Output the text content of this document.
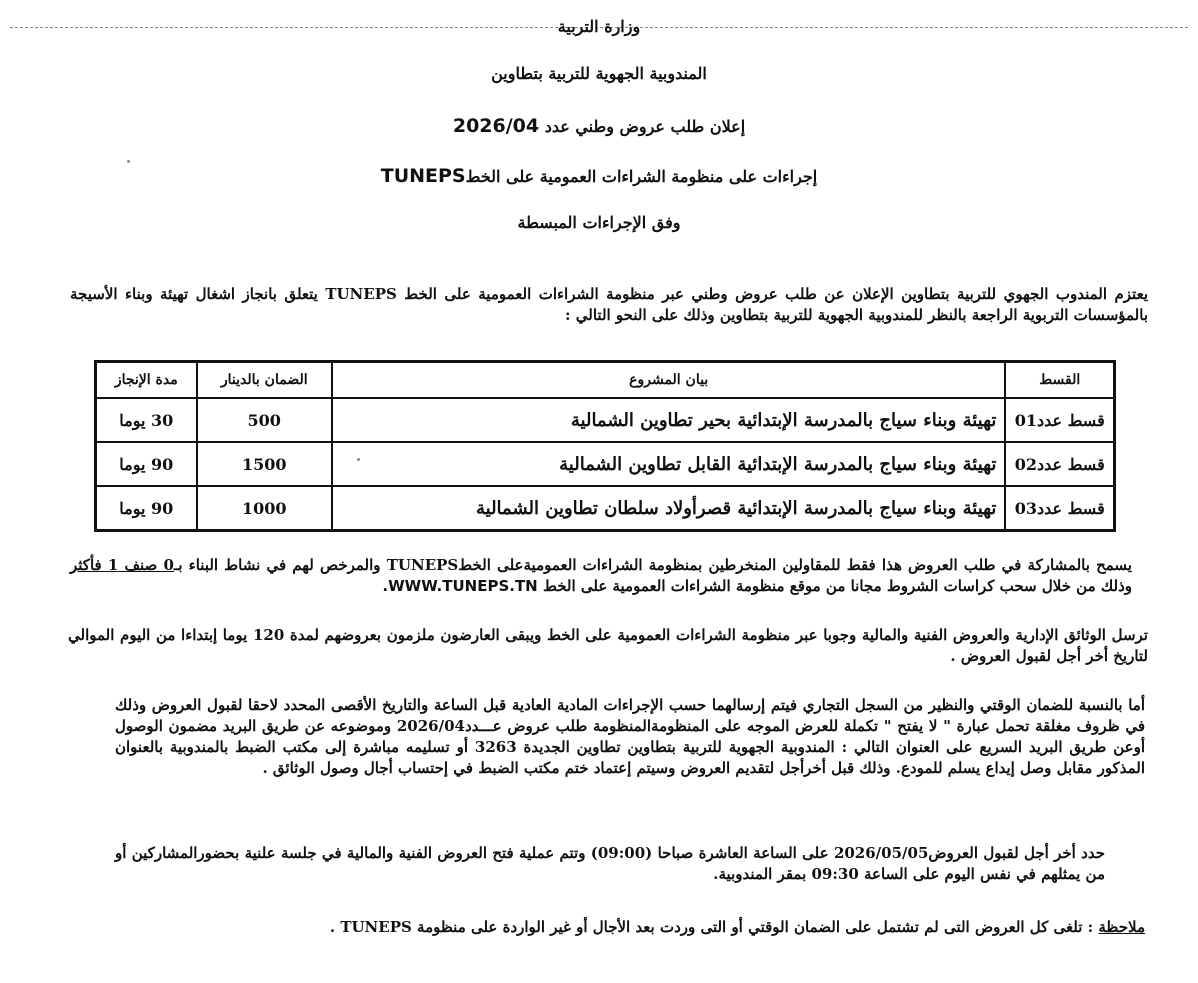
وزارة التربية
المندوبية الجهوية للتربية بتطاوين
إعلان طلب عروض وطني عدد 2026/04
إجراءات على منظومة الشراءات العمومية على الخطTUNEPS
وفق الإجراءات المبسطة
يعتزم المندوب الجهوي للتربية بتطاوين الإعلان عن طلب عروض وطني عبر منظومة الشراءات العمومية على الخط TUNEPS يتعلق بانجاز اشغال تهيئة وبناء الأسيجة بالمؤسسات التربوية الراجعة بالنظر للمندوبية الجهوية للتربية بتطاوين وذلك على النحو التالي :
القسط	بيان المشروع	الضمان بالدينار	مدة الإنجاز
قسط عدد01	تهيئة وبناء سياج بالمدرسة الإبتدائية بحير تطاوين الشمالية	500	30 يوما
قسط عدد02	تهيئة وبناء سياج بالمدرسة الإبتدائية القابل تطاوين الشمالية	1500	90 يوما
قسط عدد03	تهيئة وبناء سياج بالمدرسة الإبتدائية قصرأولاد سلطان تطاوين الشمالية	1000	90 يوما
يسمح بالمشاركة في طلب العروض هذا فقط للمقاولين المنخرطين بمنظومة الشراءات العموميةعلى الخطTUNEPS والمرخص لهم في نشاط البناء بـ0 صنف 1 فأكثر وذلك من خلال سحب كراسات الشروط مجانا من موقع منظومة الشراءات العمومية على الخط WWW.TUNEPS.TN.
ترسل الوثائق الإدارية والعروض الفنية والمالية وجوبا عبر منظومة الشراءات العمومية على الخط ويبقى العارضون ملزمون بعروضهم لمدة 120 يوما إبتداءا من اليوم الموالي لتاريخ أخر أجل لقبول العروض .
أما بالنسبة للضمان الوقتي والنظير من السجل التجاري فيتم إرسالهما حسب الإجراءات المادية العادية قبل الساعة والتاريخ الأقصى المحدد لاحقا لقبول العروض وذلك في ظروف مغلقة تحمل عبارة " لا يفتح " تكملة للعرض الموجه على المنظومةالمنظومة طلب عروض عـــدد2026/04 وموضوعه عن طريق البريد مضمون الوصول أوعن طريق البريد السريع على العنوان التالي : المندوبية الجهوية للتربية بتطاوين تطاوين الجديدة 3263 أو تسليمه مباشرة إلى مكتب الضبط بالمندوبية بالعنوان المذكور مقابل وصل إيداع يسلم للمودع. وذلك قبل أخرأجل لتقديم العروض وسيتم إعتماد ختم مكتب الضبط في إحتساب أجال وصول الوثائق .
حدد أخر أجل لقبول العروض2026/05/05 على الساعة العاشرة صباحا (09:00) وتتم عملية فتح العروض الفنية والمالية في جلسة علنية بحضورالمشاركين أو من يمثلهم في نفس اليوم على الساعة 09:30 بمقر المندوبية.
ملاحظة : تلغى كل العروض التى لم تشتمل على الضمان الوقتي أو التى وردت بعد الأجال أو غير الواردة على منظومة TUNEPS .
